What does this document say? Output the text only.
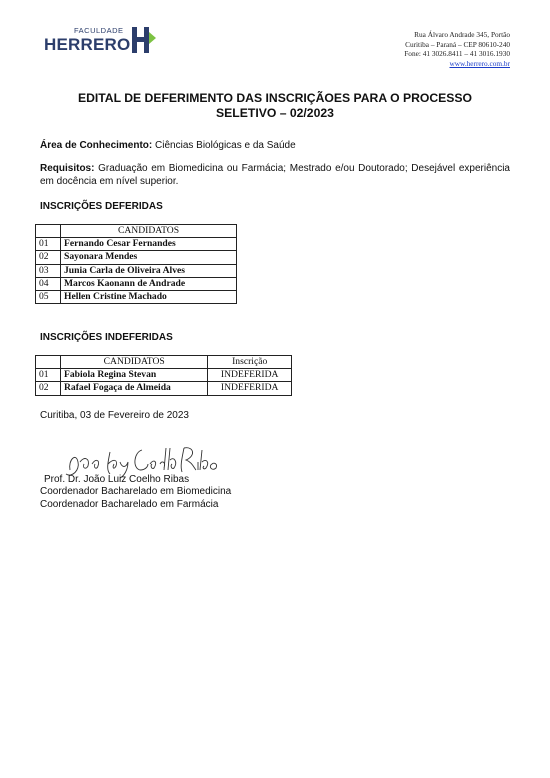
FACULDADE
HERRERO
Rua Álvaro Andrade 345, Portão
Curitiba – Paraná – CEP 80610-240
Fone: 41 3026.8411 – 41 3016.1930
www.herrero.com.br
EDITAL DE DEFERIMENTO DAS INSCRIÇÃOES PARA O PROCESSO
SELETIVO – 02/2023
Área de Conhecimento: Ciências Biológicas e da Saúde
Requisitos: Graduação em Biomedicina ou Farmácia; Mestrado e/ou Doutorado; Desejável experiência em docência em nível superior.
INSCRIÇÕES DEFERIDAS
	CANDIDATOS
01	Fernando Cesar Fernandes
02	Sayonara Mendes
03	Junia Carla de Oliveira Alves
04	Marcos Kaonann de Andrade
05	Hellen Cristine Machado
INSCRIÇÕES INDEFERIDAS
	CANDIDATOS	Inscrição
01	Fabiola Regina Stevan	INDEFERIDA
02	Rafael Fogaça de Almeida	INDEFERIDA
Curitiba, 03 de Fevereiro de 2023
Prof. Dr. João Luiz Coelho Ribas
Coordenador Bacharelado em Biomedicina
Coordenador Bacharelado em Farmácia
